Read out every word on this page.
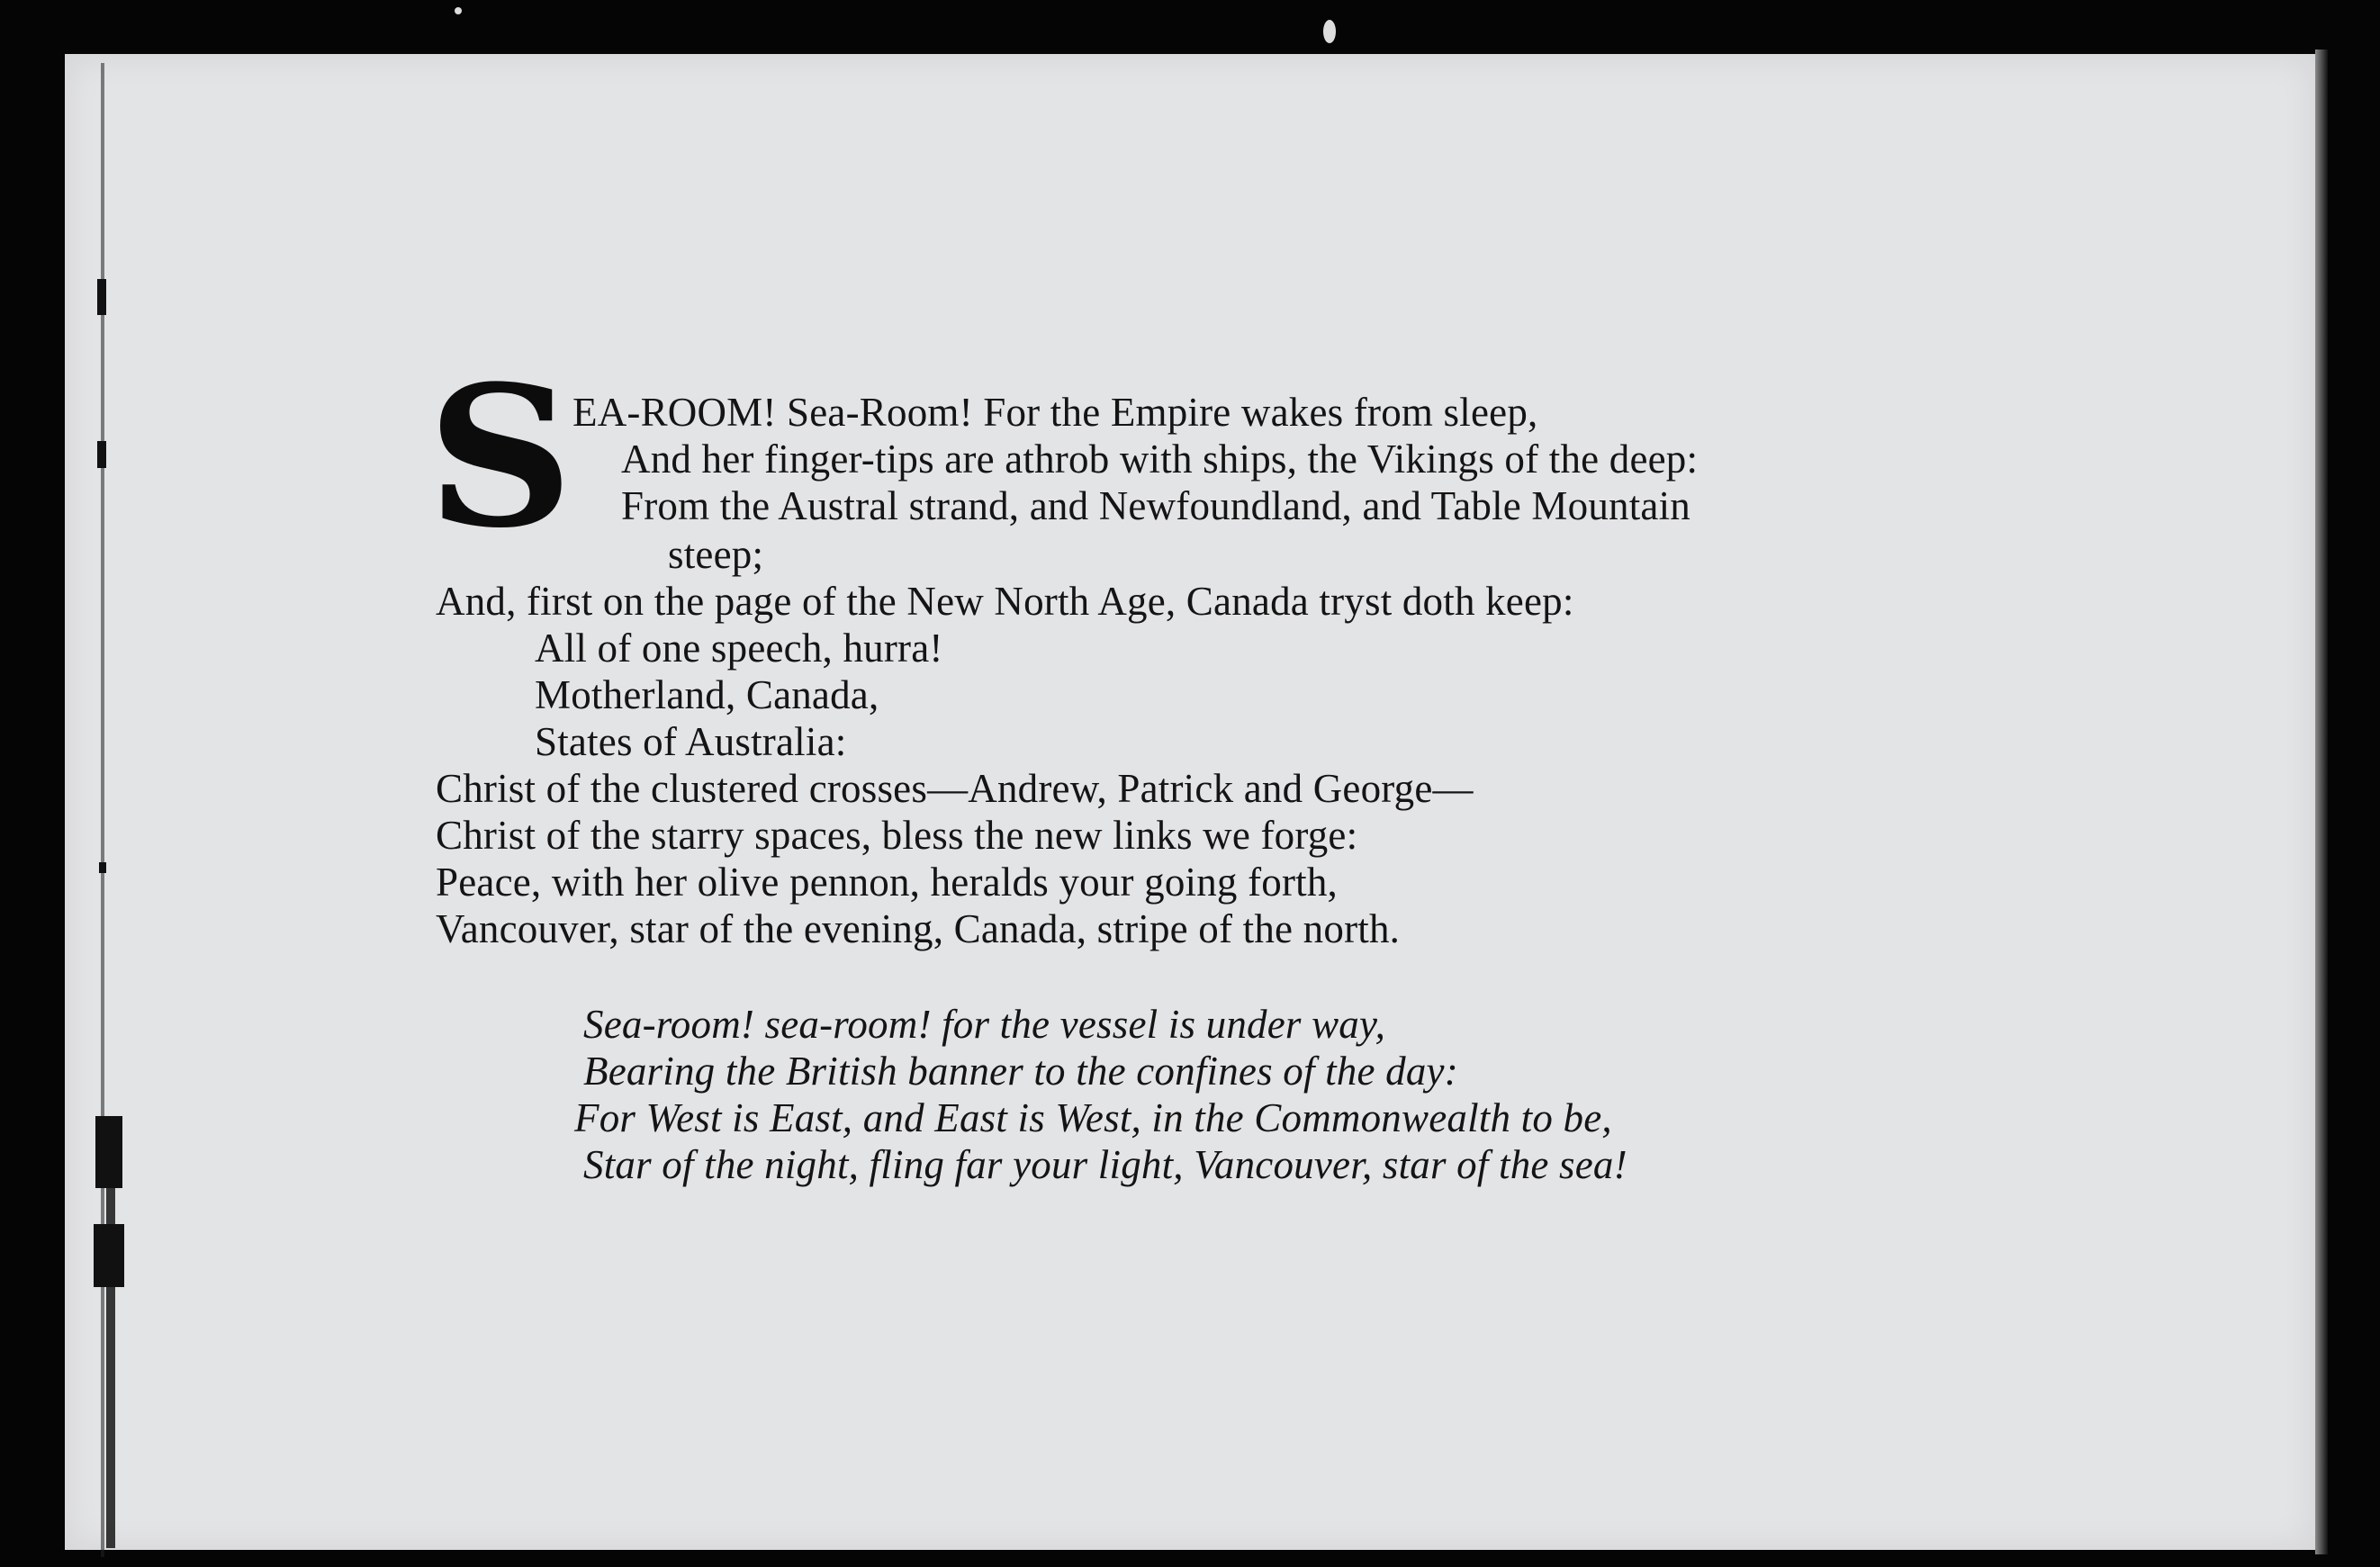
S
EA-ROOM! Sea-Room! For the Empire wakes from sleep,
And her finger-tips are athrob with ships, the Vikings of the deep:
From the Austral strand, and Newfoundland, and Table Mountain
steep;
And, first on the page of the New North Age, Canada tryst doth keep:
All of one speech, hurra!
Motherland, Canada,
States of Australia:
Christ of the clustered crosses—Andrew, Patrick and George—
Christ of the starry spaces, bless the new links we forge:
Peace, with her olive pennon, heralds your going forth,
Vancouver, star of the evening, Canada, stripe of the north.
Sea-room! sea-room! for the vessel is under way,
Bearing the British banner to the confines of the day:
For West is East, and East is West, in the Commonwealth to be,
Star of the night, fling far your light, Vancouver, star of the sea!
